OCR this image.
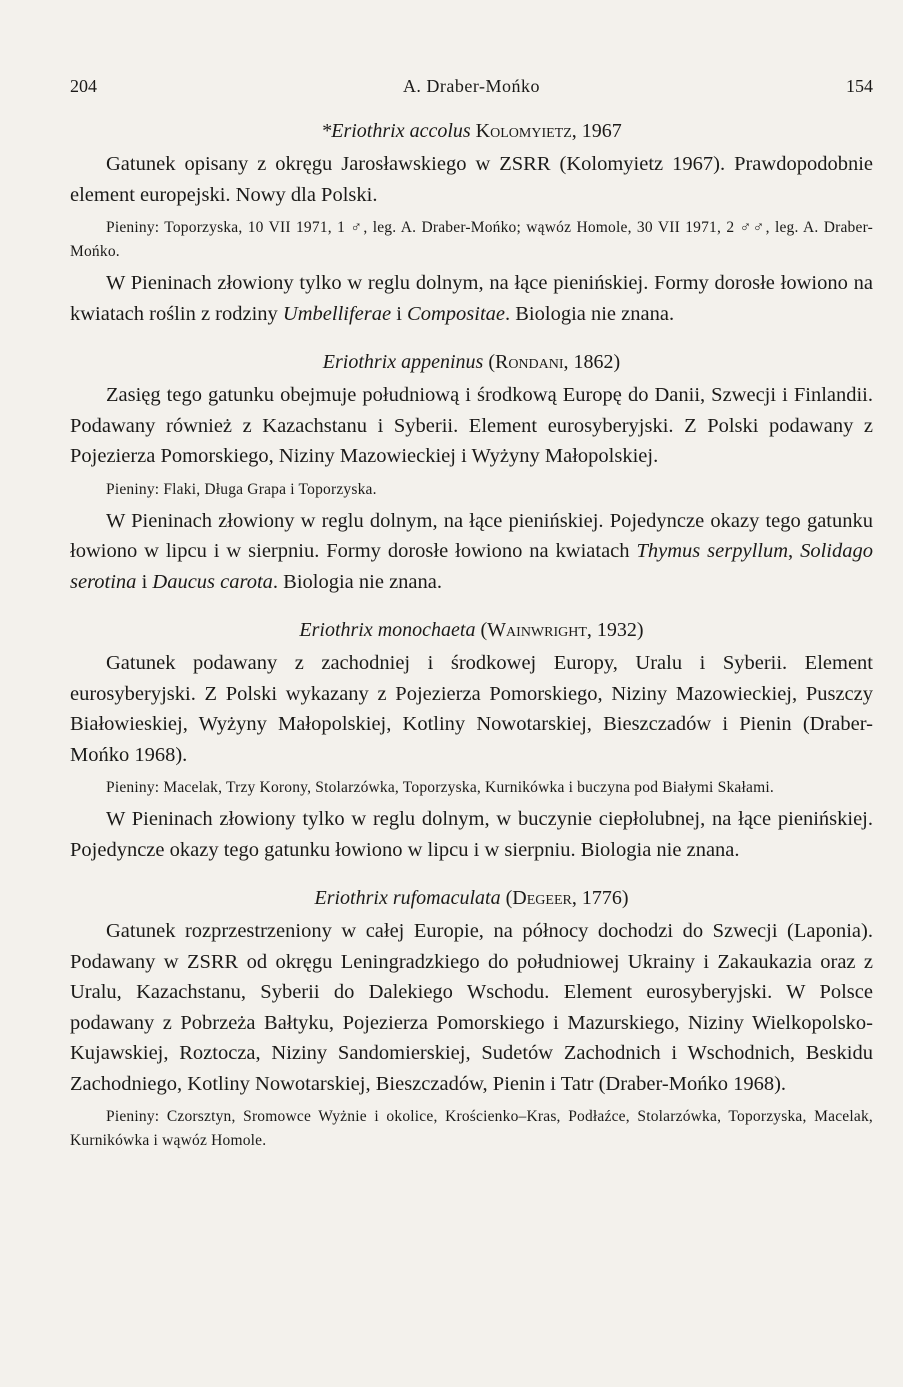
204	A. Draber-Mońko	154
*Eriothrix accolus Kolomyietz, 1967

Gatunek opisany z okręgu Jarosławskiego w ZSRR (Kolomyietz 1967). Prawdopodobnie element europejski. Nowy dla Polski.

Pieniny: Toporzyska, 10 VII 1971, 1 ♂, leg. A. Draber-Mońko; wąwóz Homole, 30 VII 1971, 2 ♂♂, leg. A. Draber-Mońko.

W Pieninach złowiony tylko w reglu dolnym, na łące pienińskiej. Formy dorosłe łowiono na kwiatach roślin z rodziny Umbelliferae i Compositae. Biologia nie znana.

Eriothrix appeninus (Rondani, 1862)

Zasięg tego gatunku obejmuje południową i środkową Europę do Danii, Szwecji i Finlandii. Podawany również z Kazachstanu i Syberii. Element eurosyberyjski. Z Polski podawany z Pojezierza Pomorskiego, Niziny Mazowieckiej i Wyżyny Małopolskiej.

Pieniny: Flaki, Długa Grapa i Toporzyska.

W Pieninach złowiony w reglu dolnym, na łące pienińskiej. Pojedyncze okazy tego gatunku łowiono w lipcu i w sierpniu. Formy dorosłe łowiono na kwiatach Thymus serpyllum, Solidago serotina i Daucus carota. Biologia nie znana.

Eriothrix monochaeta (Wainwright, 1932)

Gatunek podawany z zachodniej i środkowej Europy, Uralu i Syberii. Element eurosyberyjski. Z Polski wykazany z Pojezierza Pomorskiego, Niziny Mazowieckiej, Puszczy Białowieskiej, Wyżyny Małopolskiej, Kotliny Nowotarskiej, Bieszczadów i Pienin (Draber-Mońko 1968).

Pieniny: Macelak, Trzy Korony, Stolarzówka, Toporzyska, Kurnikówka i buczyna pod Białymi Skałami.

W Pieninach złowiony tylko w reglu dolnym, w buczynie ciepłolubnej, na łące pienińskiej. Pojedyncze okazy tego gatunku łowiono w lipcu i w sierpniu. Biologia nie znana.

Eriothrix rufomaculata (Degeer, 1776)

Gatunek rozprzestrzeniony w całej Europie, na północy dochodzi do Szwecji (Laponia). Podawany w ZSRR od okręgu Leningradzkiego do południowej Ukrainy i Zakaukazia oraz z Uralu, Kazachstanu, Syberii do Dalekiego Wschodu. Element eurosyberyjski. W Polsce podawany z Pobrzeża Bałtyku, Pojezierza Pomorskiego i Mazurskiego, Niziny Wielkopolsko-Kujawskiej, Roztocza, Niziny Sandomierskiej, Sudetów Zachodnich i Wschodnich, Beskidu Zachodniego, Kotliny Nowotarskiej, Bieszczadów, Pienin i Tatr (Draber-Mońko 1968).

Pieniny: Czorsztyn, Sromowce Wyżnie i okolice, Krościenko–Kras, Podłaźce, Stolarzówka, Toporzyska, Macelak, Kurnikówka i wąwóz Homole.
